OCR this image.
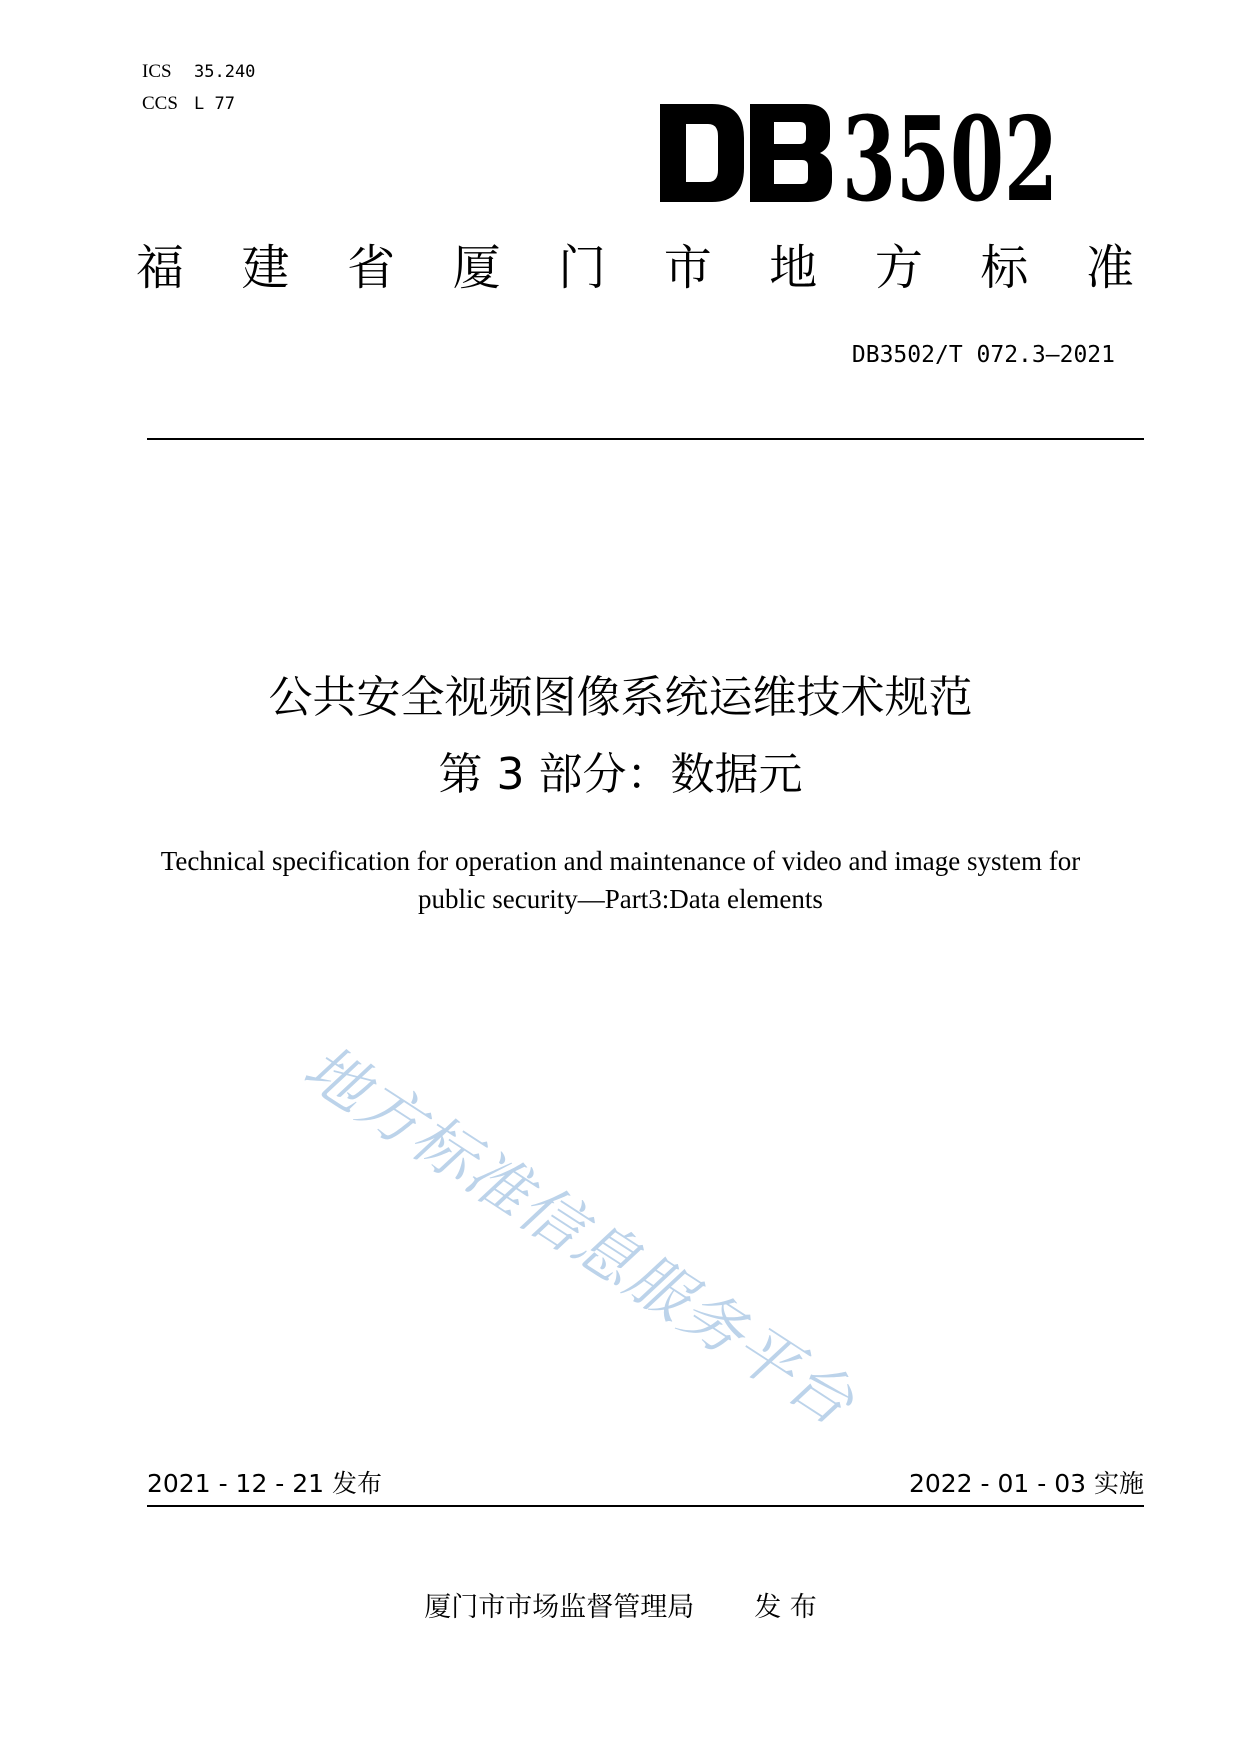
ICS 35.240
CCS L 77	3502
福 建 省 厦 门 市 地 方 标 准
DB3502/T 072.3—2021
公共安全视频图像系统运维技术规范
第 3 部分：数据元
Technical specification for operation and maintenance of video and image system for
public security—Part3:Data elements
地方标准信息服务平台
2021 - 12 - 21 发布	2022 - 01 - 03 实施
厦门市市场监督管理局 发 布
